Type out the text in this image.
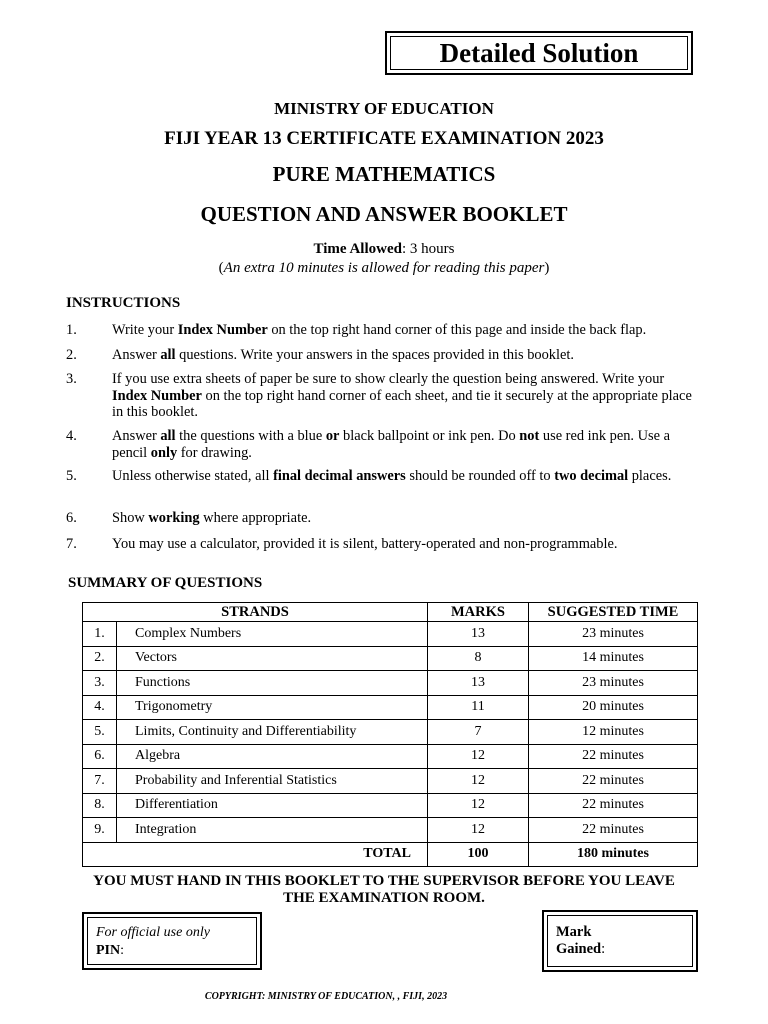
Detailed Solution
MINISTRY OF EDUCATION
FIJI YEAR 13 CERTIFICATE EXAMINATION 2023
PURE MATHEMATICS
QUESTION AND ANSWER BOOKLET
Time Allowed: 3 hours
(An extra 10 minutes is allowed for reading this paper)
INSTRUCTIONS
1. Write your Index Number on the top right hand corner of this page and inside the back flap.
2. Answer all questions. Write your answers in the spaces provided in this booklet.
3. If you use extra sheets of paper be sure to show clearly the question being answered. Write your Index Number on the top right hand corner of each sheet, and tie it securely at the appropriate place in this booklet.
4. Answer all the questions with a blue or black ballpoint or ink pen. Do not use red ink pen. Use a pencil only for drawing.
5. Unless otherwise stated, all final decimal answers should be rounded off to two decimal places.
6. Show working where appropriate.
7. You may use a calculator, provided it is silent, battery-operated and non-programmable.
SUMMARY OF QUESTIONS
STRANDS		MARKS	SUGGESTED TIME
1.	Complex Numbers	13	23 minutes
2.	Vectors	8	14 minutes
3.	Functions	13	23 minutes
4.	Trigonometry	11	20 minutes
5.	Limits, Continuity and Differentiability	7	12 minutes
6.	Algebra	12	22 minutes
7.	Probability and Inferential Statistics	12	22 minutes
8.	Differentiation	12	22 minutes
9.	Integration	12	22 minutes
TOTAL		100	180 minutes
YOU MUST HAND IN THIS BOOKLET TO THE SUPERVISOR BEFORE YOU LEAVE
THE EXAMINATION ROOM.
For official use only
PIN:
Mark
Gained:
COPYRIGHT: MINISTRY OF EDUCATION, , FIJI, 2023
